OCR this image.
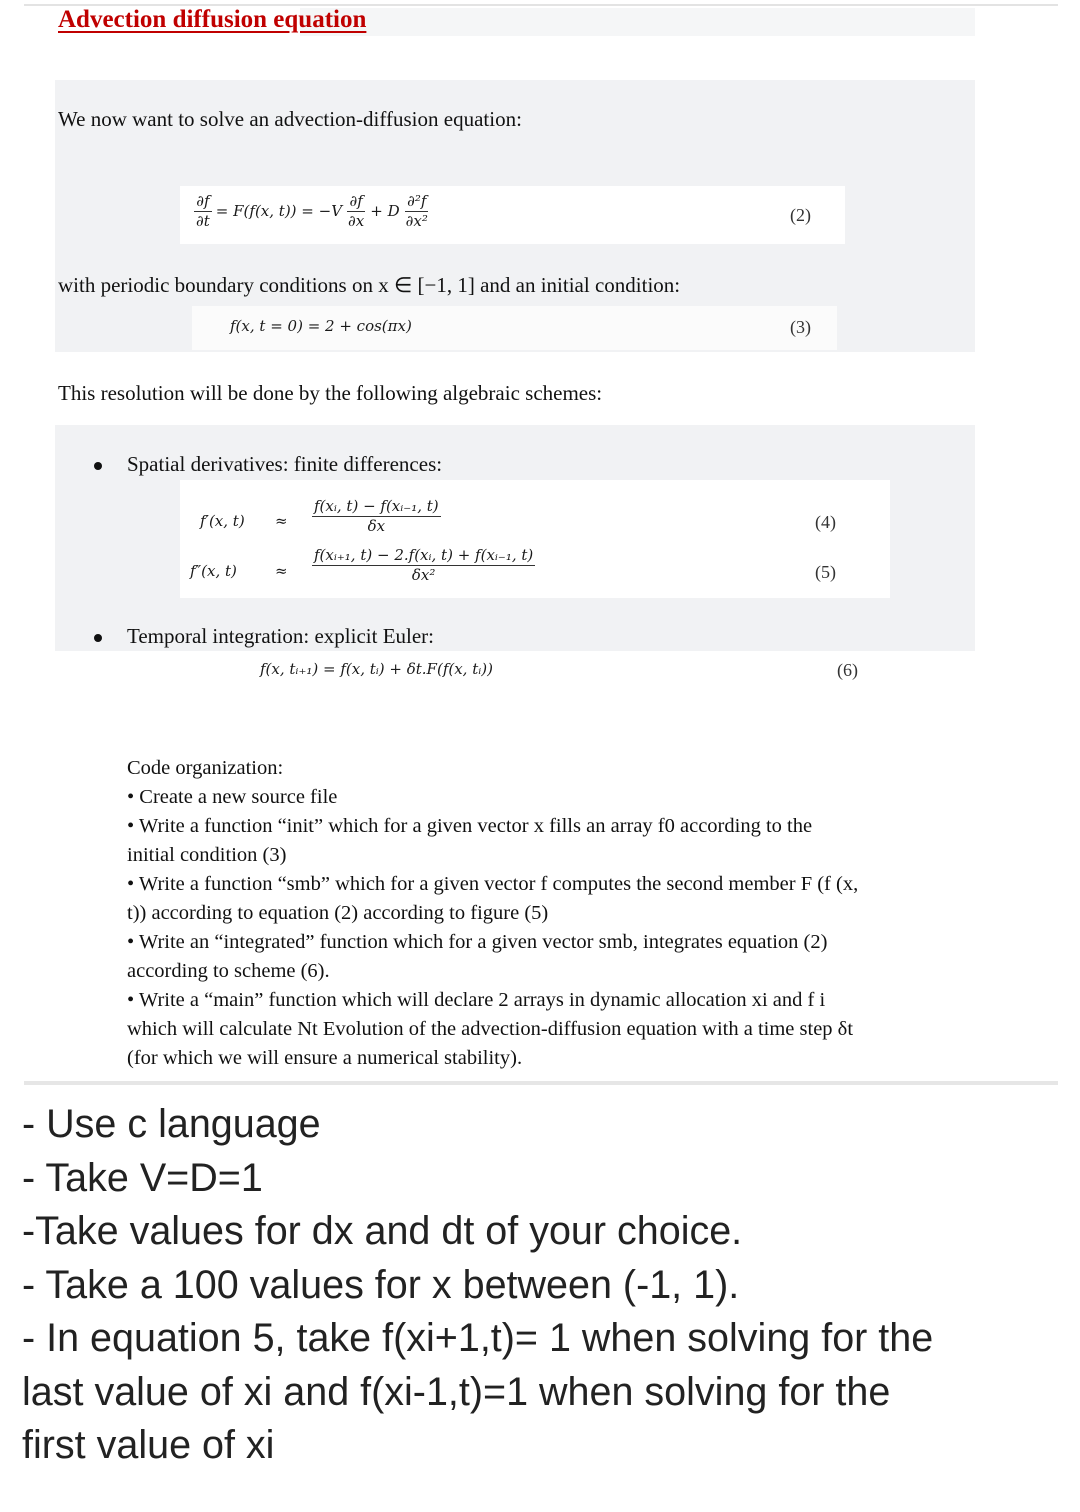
Advection diffusion equation
We now want to solve an advection-diffusion equation:
$\frac{\partial f}{\partial t} = F(f(x$, $t)) = -V \frac{\partial f}{\partial x} + D \frac{\text{∂²f}}{\text{∂x²}}$	(2)
with periodic boundary conditions on x ∈ [−1, 1] and an initial condition:
f(x, t = 0) = 2 + cos(πx)	(3)
This resolution will be done by the following algebraic schemes:
Spatial derivatives: finite differences:
f′(x, $t) \approx \frac{\text{f(xᵢ, t) − f(xᵢ₋₁, t)}}{\delta x}$	(4)
f″(x, t)	≈ $\frac{\text{f(xᵢ₊₁, t) − 2.f(xᵢ, t) + f(xᵢ₋₁, t)}}{\text{δx²}}$	(5)
Temporal integration: explicit Euler:
f(x, tᵢ₊₁) = f(x, tᵢ) + δt.F(f(x, tᵢ))	(6)
Code organization:
• Create a new source file
• Write a function “init” which for a given vector x fills an array f0 according to the
initial condition (3)
• Write a function “smb” which for a given vector f computes the second member F (f (x,
t)) according to equation (2) according to figure (5)
• Write an “integrated” function which for a given vector smb, integrates equation (2)
according to scheme (6).
• Write a “main” function which will declare 2 arrays in dynamic allocation xi and f i
which will calculate Nt Evolution of the advection-diffusion equation with a time step δt
(for which we will ensure a numerical stability).
- Use c language
- Take V=D=1
-Take values for dx and dt of your choice.
- Take a 100 values for x between (-1, 1).
- In equation 5, take f(xi+1,t)= 1 when solving for the
last value of xi and f(xi-1,t)=1 when solving for the
first value of xi
